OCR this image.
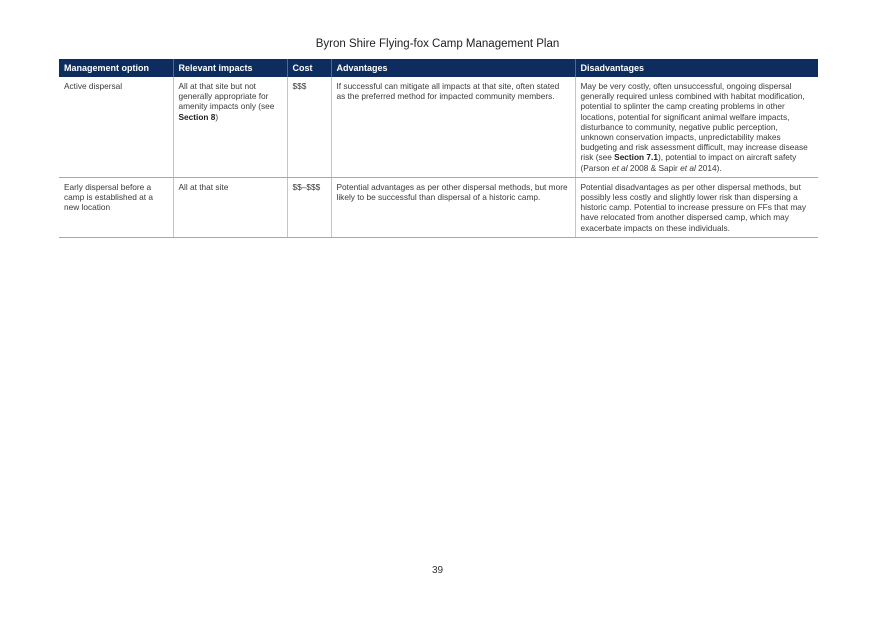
Byron Shire Flying-fox Camp Management Plan
Management option	Relevant impacts	Cost	Advantages	Disadvantages
Active dispersal	All at that site but not generally appropriate for amenity impacts only (see Section 8)	$$$	If successful can mitigate all impacts at that site, often stated as the preferred method for impacted community members.	May be very costly, often unsuccessful, ongoing dispersal generally required unless combined with habitat modification, potential to splinter the camp creating problems in other locations, potential for significant animal welfare impacts, disturbance to community, negative public perception, unknown conservation impacts, unpredictability makes budgeting and risk assessment difficult, may increase disease risk (see Section 7.1), potential to impact on aircraft safety (Parson et al 2008 & Sapir et al 2014).
Early dispersal before a camp is established at a new location	All at that site	$$–$$$	Potential advantages as per other dispersal methods, but more likely to be successful than dispersal of a historic camp.	Potential disadvantages as per other dispersal methods, but possibly less costly and slightly lower risk than dispersing a historic camp. Potential to increase pressure on FFs that may have relocated from another dispersed camp, which may exacerbate impacts on these individuals.
39
